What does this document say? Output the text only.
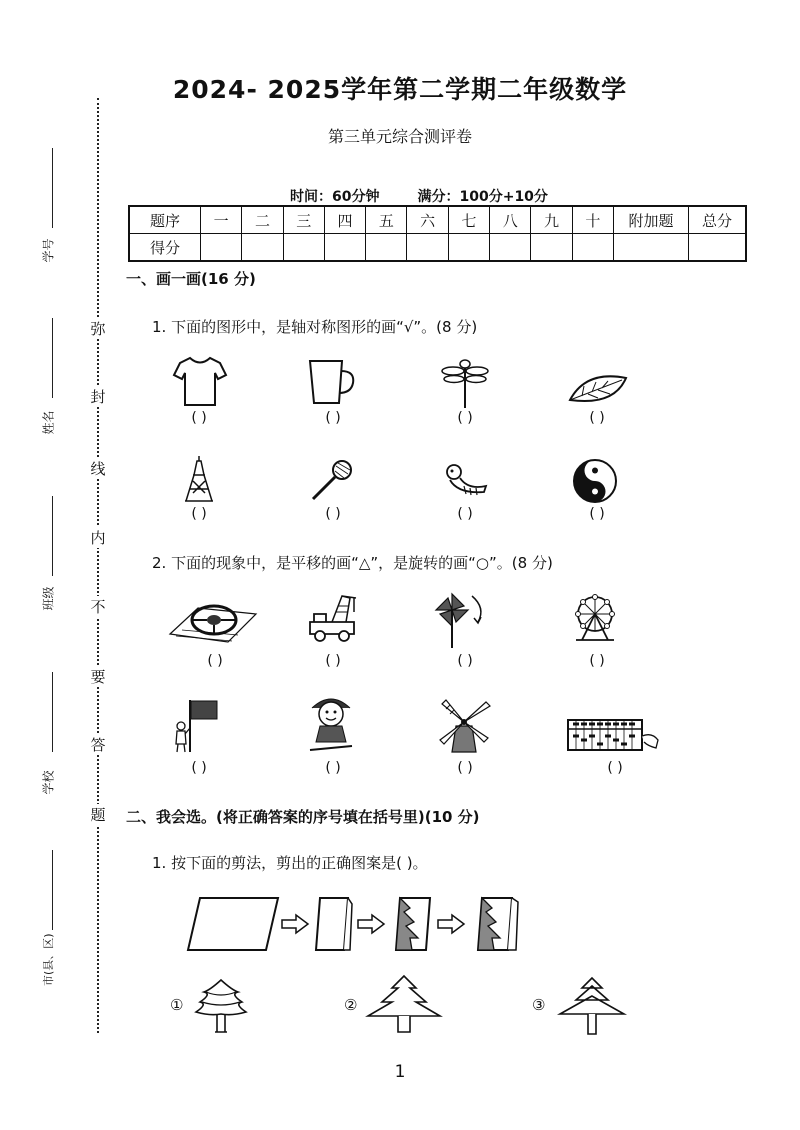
弥
封
线
内
不
要
答
题
学号
姓名
班级
学校
市(县、区)
2024- 2025学年第二学期二年级数学
第三单元综合测评卷
时间：60分钟	满分：100分+10分
题序	一	二	三	四	五	六	七	八	九	十	附加题	总分
得分												
一、画一画(16 分)
1. 下面的图形中，是轴对称图形的画“√”。(8 分)
( )	( )	( )	( )
( )	( )	( )	( )
2. 下面的现象中，是平移的画“△”，是旋转的画“○”。(8 分)
( )	( )	( )	( )
( )	( )	( )	( )
二、我会选。(将正确答案的序号填在括号里)(10 分)
1. 按下面的剪法，剪出的正确图案是( )。
①	②	③
1
